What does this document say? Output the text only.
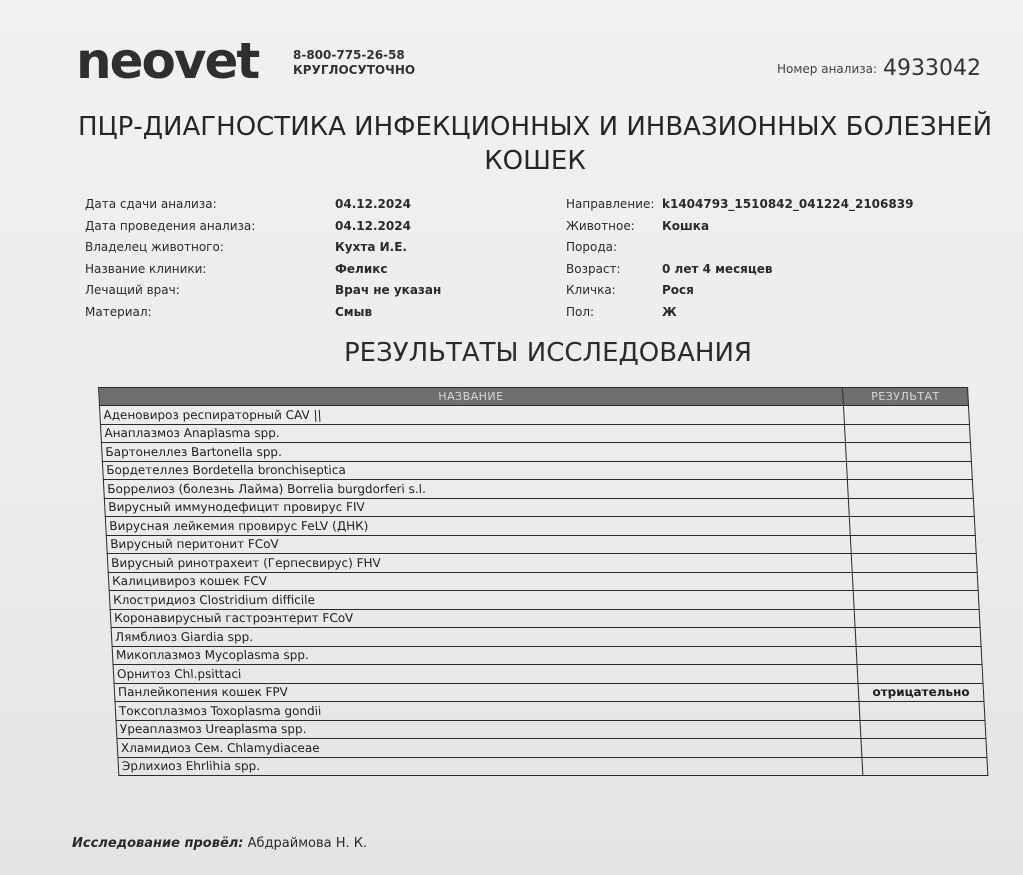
neovet	8-800-775-26-58
КРУГЛОСУТОЧНО	Номер анализа: 4933042
ПЦР-ДИАГНОСТИКА ИНФЕКЦИОННЫХ И ИНВАЗИОННЫХ БОЛЕЗНЕЙ
КОШЕК
Дата сдачи анализа:	04.12.2024
Дата проведения анализа:	04.12.2024
Владелец животного:	Кухта И.Е.
Название клиники:	Феликс
Лечащий врач:	Врач не указан
Материал:	Смыв
Направление: k1404793_1510842_041224_2106839
Животное:	Кошка
Порода:
Возраст:	0 лет 4 месяцев
Кличка:	Рося
Пол:	Ж
РЕЗУЛЬТАТЫ ИССЛЕДОВАНИЯ
НАЗВАНИЕ	РЕЗУЛЬТАТ
Аденовироз респираторный CAV ||	
Анаплазмоз Anaplasma spp.	
Бартонеллез Bartonella spp.	
Бордетеллез Bordetella bronchiseptica	
Боррелиоз (болезнь Лайма) Borrelia burgdorferi s.l.	
Вирусный иммунодефицит провирус FIV	
Вирусная лейкемия провирус FeLV (ДНК)	
Вирусный перитонит FCoV	
Вирусный ринотрахеит (Герпесвирус) FHV	
Калицивироз кошек FCV	
Клостридиоз Clostridium difficile	
Коронавирусный гастроэнтерит FCoV	
Лямблиоз Giardia spp.	
Микоплазмоз Mycoplasma spp.	
Орнитоз Chl.psittaci	
Панлейкопения кошек FPV	отрицательно
Токсоплазмоз Toxoplasma gondii	
Уреаплазмоз Ureaplasma spp.	
Хламидиоз Сем. Chlamydiaceae	
Эрлихиоз Ehrlihia spp.	
Исследование провёл: Абдраймова Н. К.
